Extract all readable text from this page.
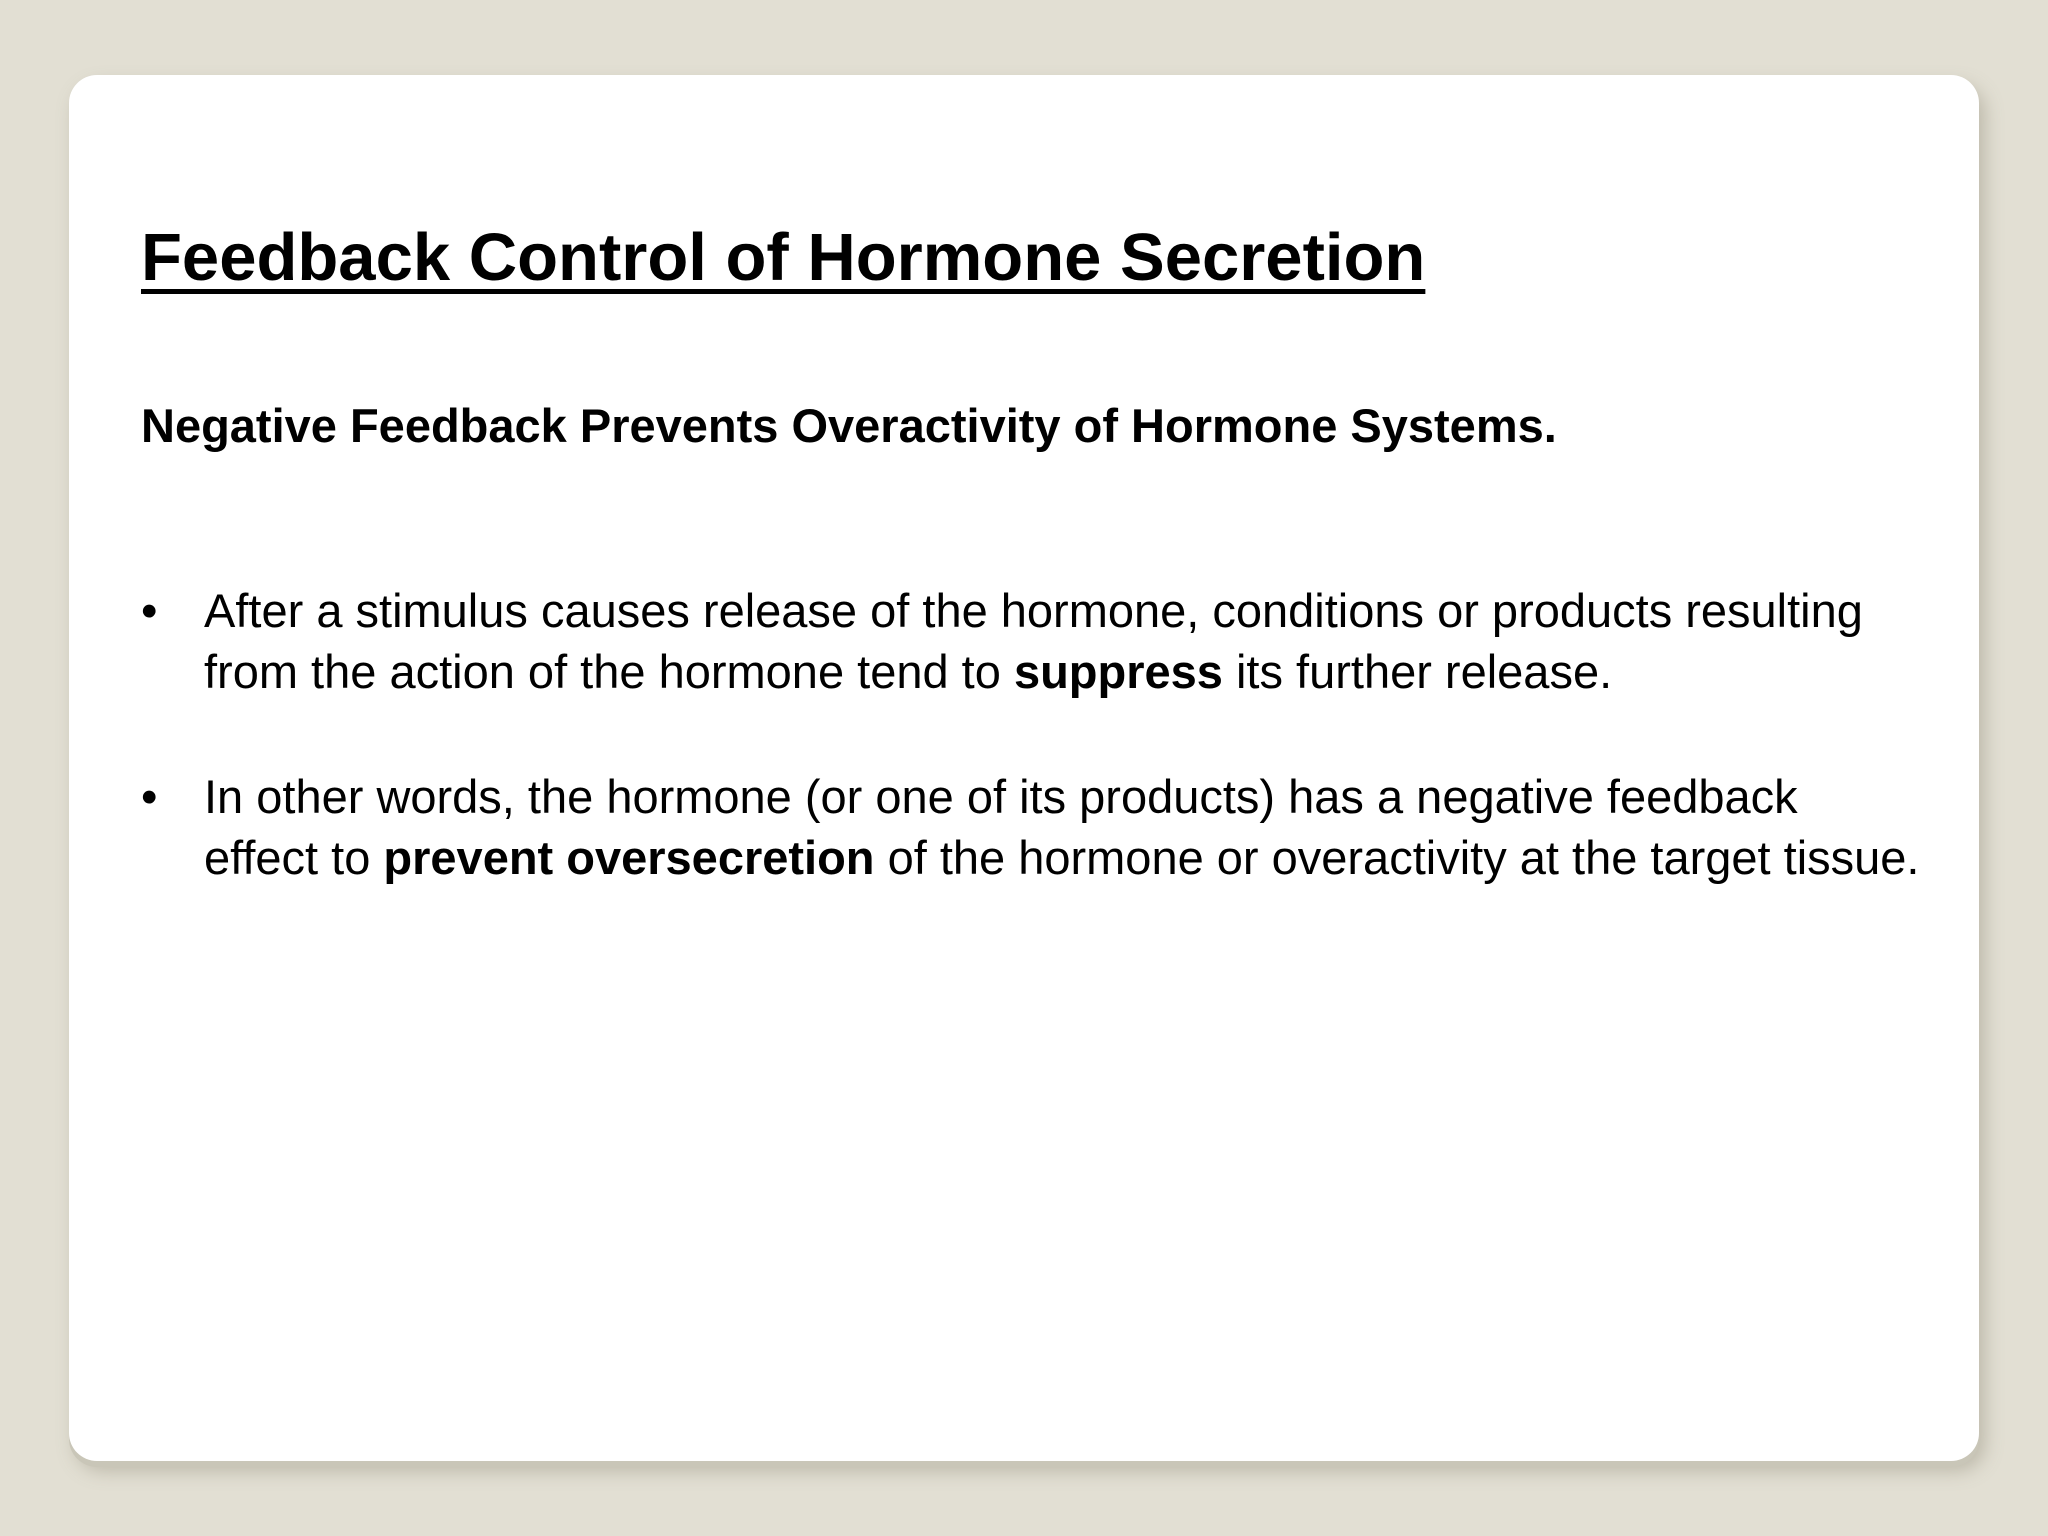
Feedback Control of Hormone Secretion
Negative Feedback Prevents Overactivity of Hormone Systems.
• After a stimulus causes release of the hormone, conditions or products resulting from the action of the hormone tend to suppress its further release.
• In other words, the hormone (or one of its products) has a negative feedback effect to prevent oversecretion of the hormone or overactivity at the target tissue.
